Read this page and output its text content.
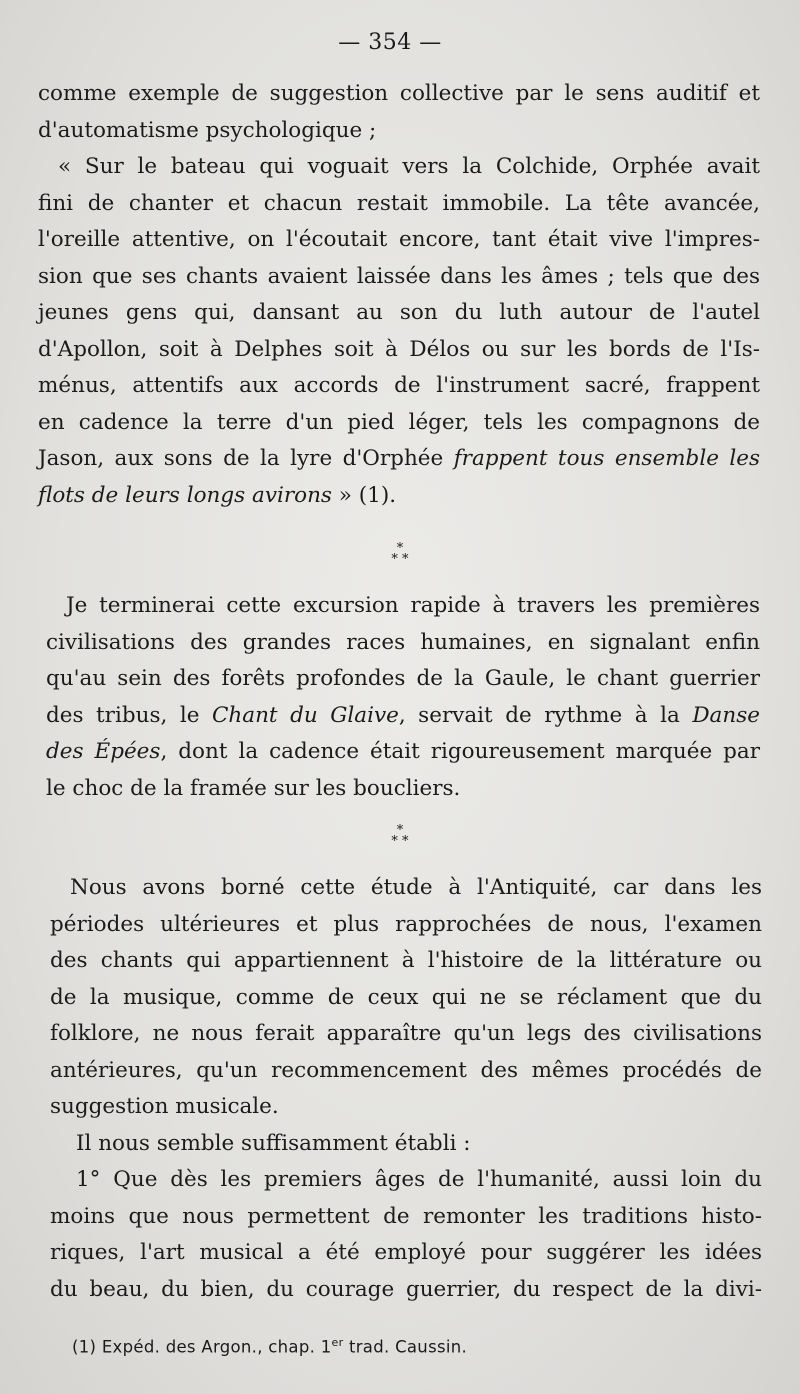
— 354 —
comme exemple de suggestion collective par le sens auditif et
d'automatisme psychologique ;
« Sur le bateau qui voguait vers la Colchide, Orphée avait
fini de chanter et chacun restait immobile. La tête avancée,
l'oreille attentive, on l'écoutait encore, tant était vive l'impres-
sion que ses chants avaient laissée dans les âmes ; tels que des
jeunes gens qui, dansant au son du luth autour de l'autel
d'Apollon, soit à Delphes soit à Délos ou sur les bords de l'Is-
ménus, attentifs aux accords de l'instrument sacré, frappent
en cadence la terre d'un pied léger, tels les compagnons de
Jason, aux sons de la lyre d'Orphée frappent tous ensemble les
flots de leurs longs avirons » (1).
*
* *
Je terminerai cette excursion rapide à travers les premières
civilisations des grandes races humaines, en signalant enfin
qu'au sein des forêts profondes de la Gaule, le chant guerrier
des tribus, le Chant du Glaive, servait de rythme à la Danse
des Épées, dont la cadence était rigoureusement marquée par
le choc de la framée sur les boucliers.
*
* *
Nous avons borné cette étude à l'Antiquité, car dans les
périodes ultérieures et plus rapprochées de nous, l'examen
des chants qui appartiennent à l'histoire de la littérature ou
de la musique, comme de ceux qui ne se réclament que du
folklore, ne nous ferait apparaître qu'un legs des civilisations
antérieures, qu'un recommencement des mêmes procédés de
suggestion musicale.
Il nous semble suffisamment établi :
1° Que dès les premiers âges de l'humanité, aussi loin du
moins que nous permettent de remonter les traditions histo-
riques, l'art musical a été employé pour suggérer les idées
du beau, du bien, du courage guerrier, du respect de la divi-
(1) Expéd. des Argon., chap. 1er trad. Caussin.
